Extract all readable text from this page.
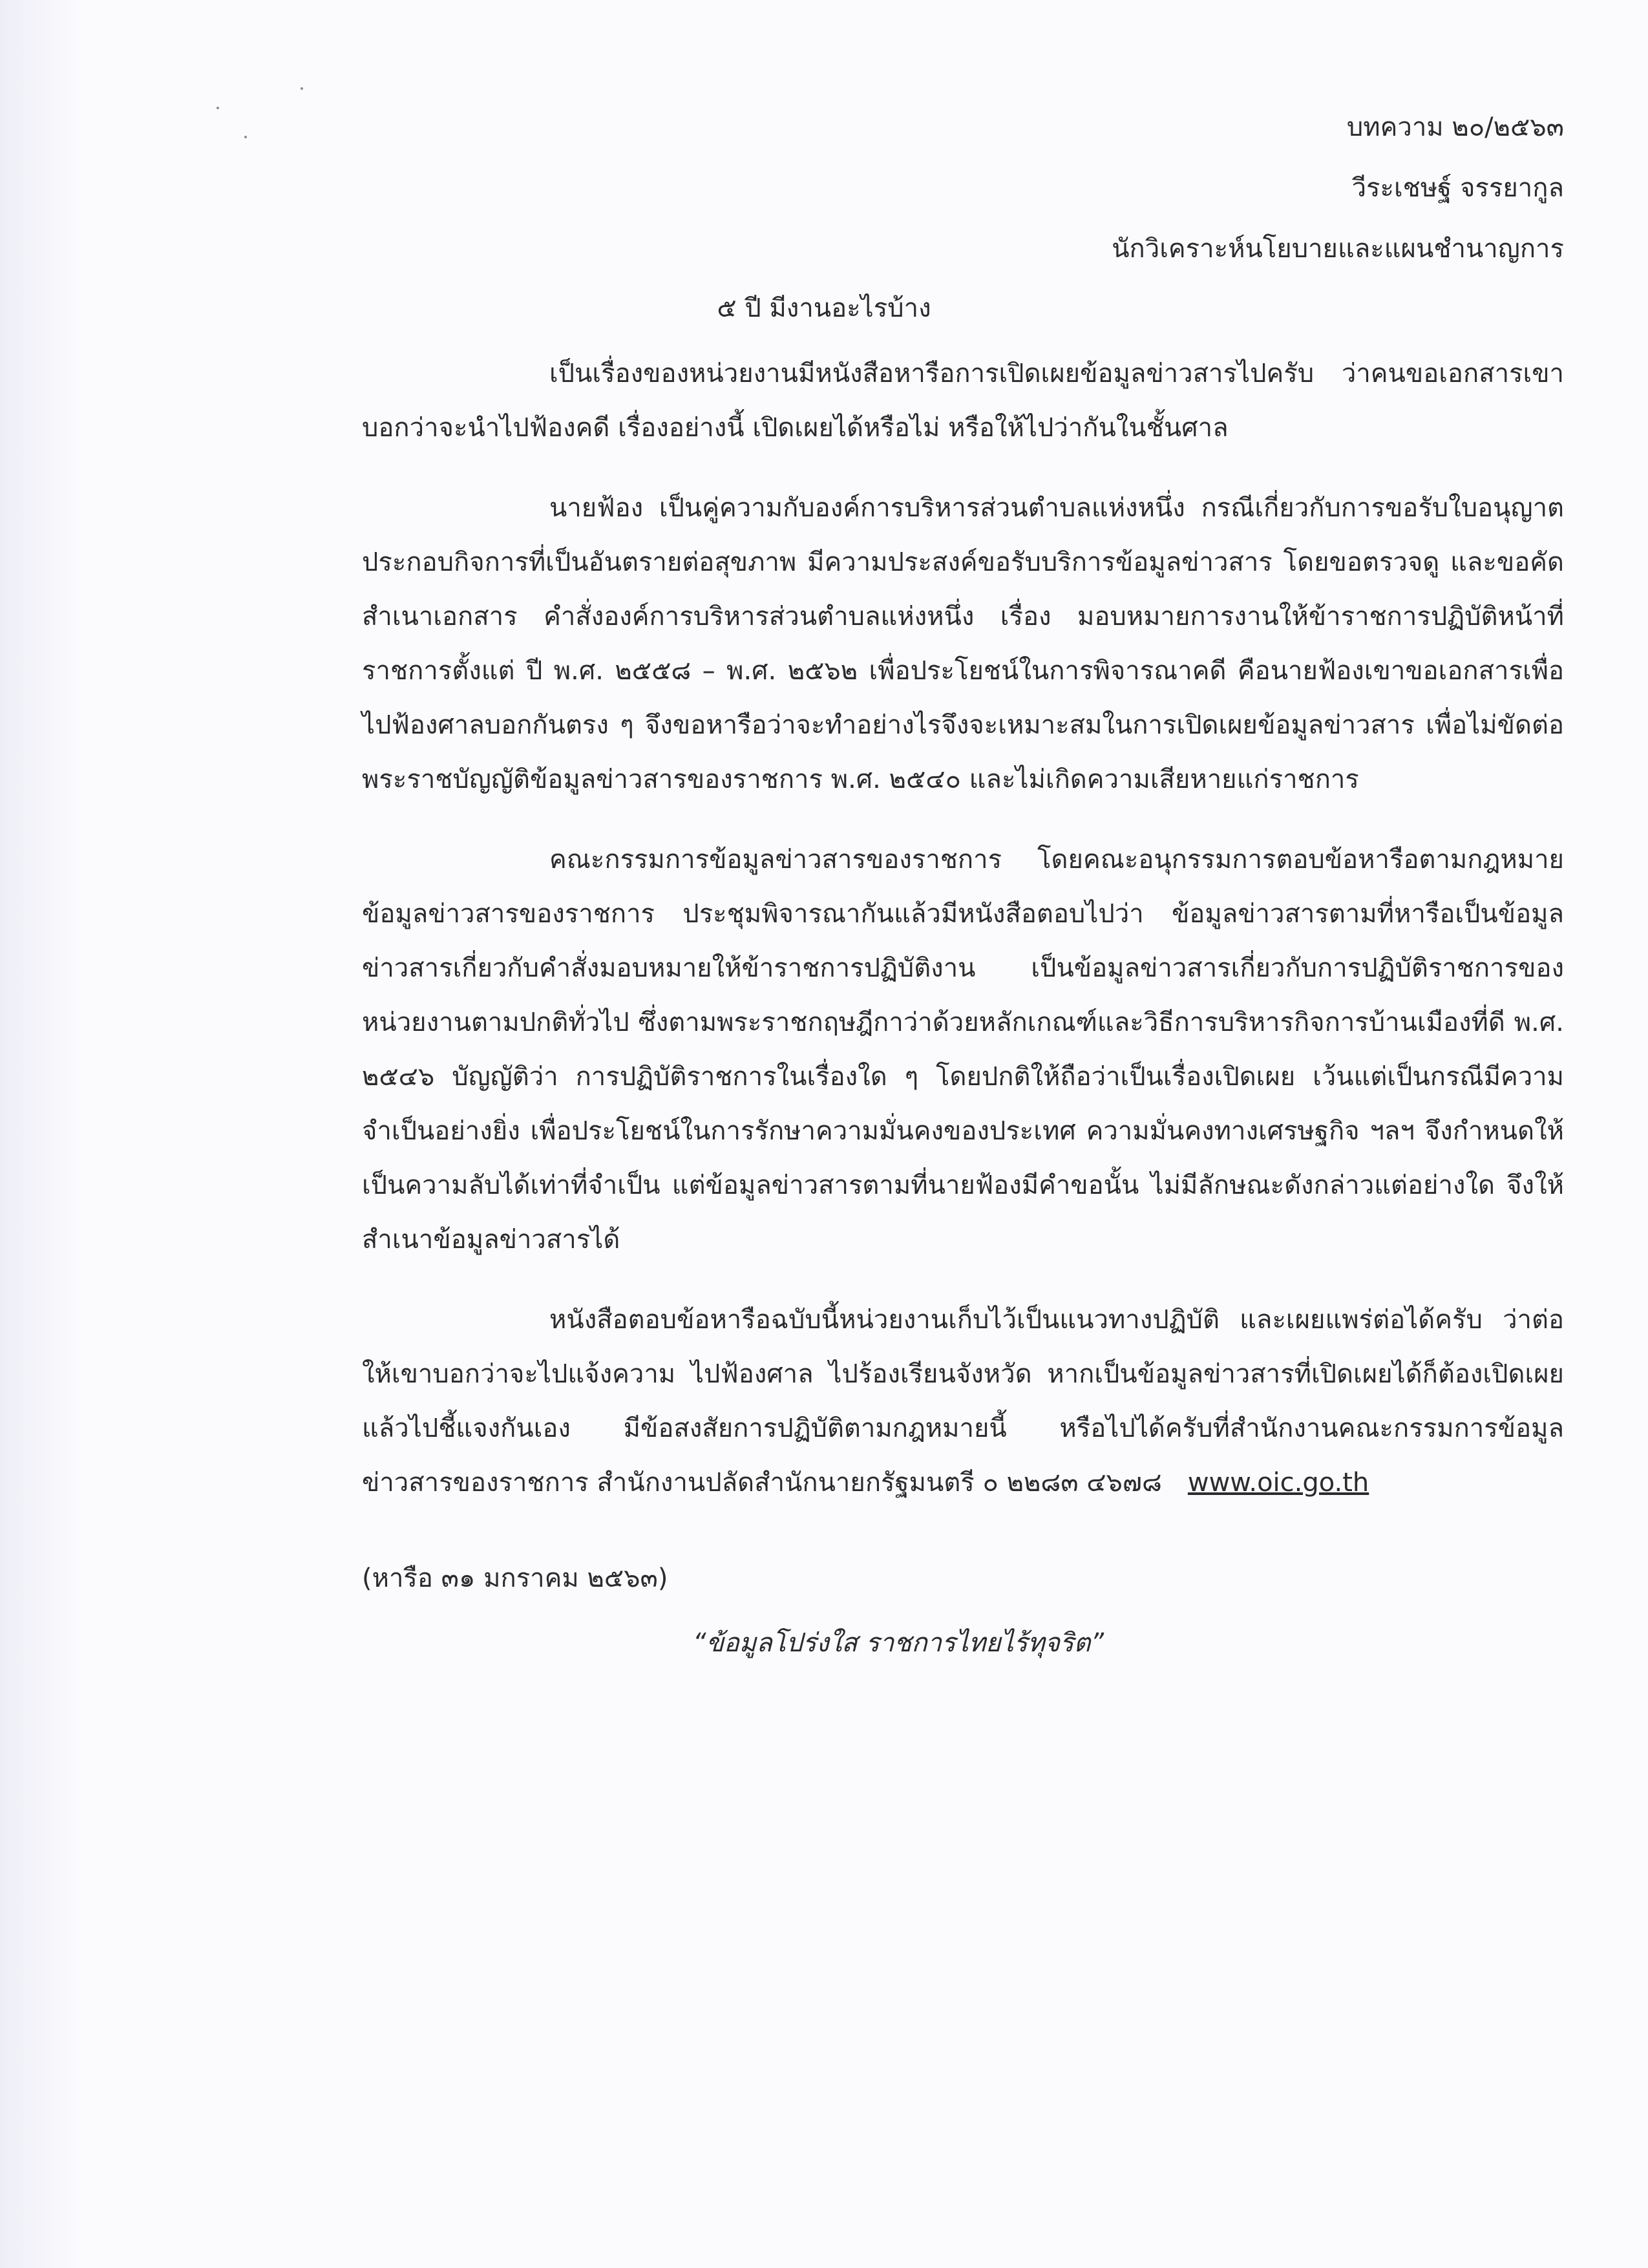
บทความ ๒๐/๒๕๖๓
วีระเชษฐ์ จรรยากูล
นักวิเคราะห์นโยบายและแผนชำนาญการ
๕ ปี มีงานอะไรบ้าง

เป็นเรื่องของหน่วยงานมีหนังสือหารือการเปิดเผยข้อมูลข่าวสารไปครับ ว่าคนขอเอกสารเขาบอกว่าจะนำไปฟ้องคดี เรื่องอย่างนี้ เปิดเผยได้หรือไม่ หรือให้ไปว่ากันในชั้นศาล

นายฟ้อง เป็นคู่ความกับองค์การบริหารส่วนตำบลแห่งหนึ่ง กรณีเกี่ยวกับการขอรับใบอนุญาตประกอบกิจการที่เป็นอันตรายต่อสุขภาพ มีความประสงค์ขอรับบริการข้อมูลข่าวสาร โดยขอตรวจดู และขอคัดสำเนาเอกสาร คำสั่งองค์การบริหารส่วนตำบลแห่งหนึ่ง เรื่อง มอบหมายการงานให้ข้าราชการปฏิบัติหน้าที่ราชการตั้งแต่ ปี พ.ศ. ๒๕๕๘ – พ.ศ. ๒๕๖๒ เพื่อประโยชน์ในการพิจารณาคดี คือนายฟ้องเขาขอเอกสารเพื่อไปฟ้องศาลบอกกันตรง ๆ จึงขอหารือว่าจะทำอย่างไรจึงจะเหมาะสมในการเปิดเผยข้อมูลข่าวสาร เพื่อไม่ขัดต่อพระราชบัญญัติข้อมูลข่าวสารของราชการ พ.ศ. ๒๕๔๐ และไม่เกิดความเสียหายแก่ราชการ

คณะกรรมการข้อมูลข่าวสารของราชการ โดยคณะอนุกรรมการตอบข้อหารือตามกฎหมายข้อมูลข่าวสารของราชการ ประชุมพิจารณากันแล้วมีหนังสือตอบไปว่า ข้อมูลข่าวสารตามที่หารือเป็นข้อมูลข่าวสารเกี่ยวกับคำสั่งมอบหมายให้ข้าราชการปฏิบัติงาน เป็นข้อมูลข่าวสารเกี่ยวกับการปฏิบัติราชการของหน่วยงานตามปกติทั่วไป ซึ่งตามพระราชกฤษฎีกาว่าด้วยหลักเกณฑ์และวิธีการบริหารกิจการบ้านเมืองที่ดี พ.ศ. ๒๕๔๖ บัญญัติว่า การปฏิบัติราชการในเรื่องใด ๆ โดยปกติให้ถือว่าเป็นเรื่องเปิดเผย เว้นแต่เป็นกรณีมีความจำเป็นอย่างยิ่ง เพื่อประโยชน์ในการรักษาความมั่นคงของประเทศ ความมั่นคงทางเศรษฐกิจ ฯลฯ จึงกำหนดให้เป็นความลับได้เท่าที่จำเป็น แต่ข้อมูลข่าวสารตามที่นายฟ้องมีคำขอนั้น ไม่มีลักษณะดังกล่าวแต่อย่างใด จึงให้สำเนาข้อมูลข่าวสารได้

หนังสือตอบข้อหารือฉบับนี้หน่วยงานเก็บไว้เป็นแนวทางปฏิบัติ และเผยแพร่ต่อได้ครับ ว่าต่อให้เขาบอกว่าจะไปแจ้งความ ไปฟ้องศาล ไปร้องเรียนจังหวัด หากเป็นข้อมูลข่าวสารที่เปิดเผยได้ก็ต้องเปิดเผย แล้วไปชี้แจงกันเอง มีข้อสงสัยการปฏิบัติตามกฎหมายนี้ หรือไปได้ครับที่สำนักงานคณะกรรมการข้อมูลข่าวสารของราชการ สำนักงานปลัดสำนักนายกรัฐมนตรี ๐ ๒๒๘๓ ๔๖๗๘ www.oic.go.th

(หารือ ๓๑ มกราคม ๒๕๖๓)
“ข้อมูลโปร่งใส ราชการไทยไร้ทุจริต”
